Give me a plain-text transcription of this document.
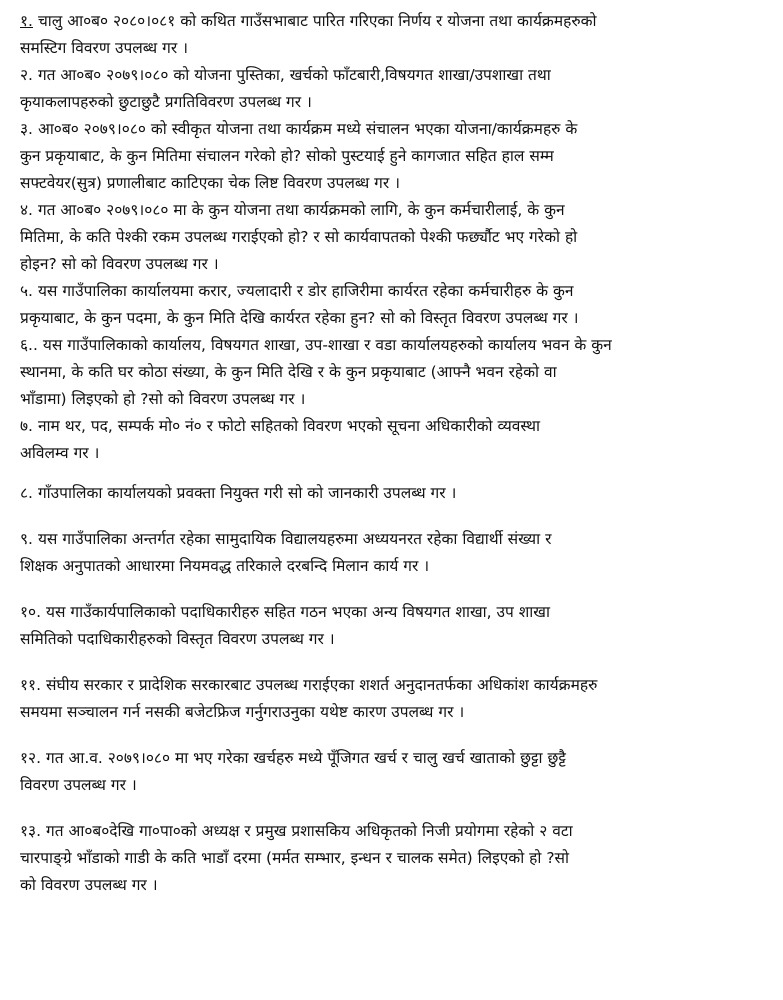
१. चालु आ०ब० २०८०।०८१ को कथित गाउँसभाबाट पारित गरिएका निर्णय र योजना तथा कार्यक्रमहरुको
समस्टिग विवरण उपलब्ध गर ।
२. गत आ०ब० २०७९।०८० को योजना पुस्तिका, खर्चको फाँटबारी,विषयगत शाखा/उपशाखा तथा
कृयाकलापहरुको छुटाछुटै प्रगतिविवरण उपलब्ध गर ।
३. आ०ब० २०७९।०८० को स्वीकृत योजना तथा कार्यक्रम मध्ये संचालन भएका योजना/कार्यक्रमहरु के
कुन प्रकृयाबाट, के कुन मितिमा संचालन गरेको हो? सोको पुस्टयाई हुने कागजात सहित हाल सम्म
सफ्टवेयर(सुत्र) प्रणालीबाट काटिएका चेक लिष्ट विवरण उपलब्ध गर ।
४. गत आ०ब० २०७९।०८० मा के कुन योजना तथा कार्यक्रमको लागि, के कुन कर्मचारीलाई, के कुन
मितिमा, के कति पेश्की रकम उपलब्ध गराईएको हो? र सो कार्यवापतको पेश्की फर्छ्यौट भए गरेको हो
होइन? सो को विवरण उपलब्ध गर ।
५. यस गाउँपालिका कार्यालयमा करार, ज्यलादारी र डोर हाजिरीमा कार्यरत रहेका कर्मचारीहरु के कुन
प्रकृयाबाट, के कुन पदमा, के कुन मिति देखि कार्यरत रहेका हुन? सो को विस्तृत विवरण उपलब्ध गर ।
६.. यस गाउँपालिकाको कार्यालय, विषयगत शाखा, उप-शाखा र वडा कार्यालयहरुको कार्यालय भवन के कुन
स्थानमा, के कति घर कोठा संख्या, के कुन मिति देखि र के कुन प्रकृयाबाट (आफ्नै भवन रहेको वा
भाँडामा) लिइएको हो ?सो को विवरण उपलब्ध गर ।
७. नाम थर, पद, सम्पर्क मो० नं० र फोटो सहितको विवरण भएको सूचना अधिकारीको व्यवस्था
अविलम्व गर ।
८. गाँउपालिका कार्यालयको प्रवक्ता नियुक्त गरी सो को जानकारी उपलब्ध गर ।
९. यस गाउँपालिका अन्तर्गत रहेका सामुदायिक विद्यालयहरुमा अध्ययनरत रहेका विद्यार्थी संख्या र
शिक्षक अनुपातको आधारमा नियमवद्ध तरिकाले दरबन्दि मिलान कार्य गर ।
१०. यस गाउँकार्यपालिकाको पदाधिकारीहरु सहित गठन भएका अन्य विषयगत शाखा, उप शाखा
समितिको पदाधिकारीहरुको विस्तृत विवरण उपलब्ध गर ।
११. संघीय सरकार र प्रादेशिक सरकारबाट उपलब्ध गराईएका शशर्त अनुदानतर्फका अधिकांश कार्यक्रमहरु
समयमा सञ्चालन गर्न नसकी बजेटफ्रिज गर्नुगराउनुका यथेष्ट कारण उपलब्ध गर ।
१२. गत आ.व. २०७९।०८० मा भए गरेका खर्चहरु मध्ये पूँजिगत खर्च र चालु खर्च खाताको छुट्टा छुट्टै
विवरण उपलब्ध गर ।
१३. गत आ०ब०देखि गा०पा०को अध्यक्ष र प्रमुख प्रशासकिय अधिकृतको निजी प्रयोगमा रहेको २ वटा
चारपाङ्ग्रे भाँडाको गाडी के कति भाडाँ दरमा (मर्मत सम्भार, इन्धन र चालक समेत) लिइएको हो ?सो
को विवरण उपलब्ध गर ।
